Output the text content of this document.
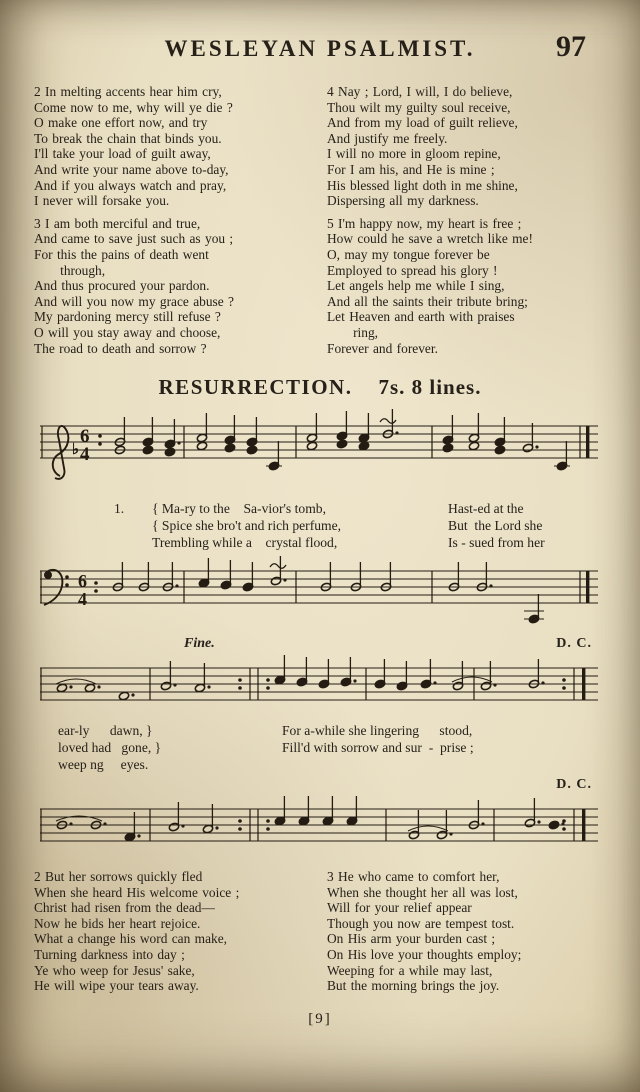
WESLEYAN PSALMIST.	97
2 In melting accents hear him cry,
Come now to me, why will ye die ?
O make one effort now, and try
To break the chain that binds you.
I'll take your load of guilt away,
And write your name above to-day,
And if you always watch and pray,
I never will forsake you.
3 I am both merciful and true,
And came to save just such as you ;
For this the pains of death went
through,
And thus procured your pardon.
And will you now my grace abuse ?
My pardoning mercy still refuse ?
O will you stay away and choose,
The road to death and sorrow ?
4 Nay ; Lord, I will, I do believe,
Thou wilt my guilty soul receive,
And from my load of guilt relieve,
And justify me freely.
I will no more in gloom repine,
For I am his, and He is mine ;
His blessed light doth in me shine,
Dispersing all my darkness.
5 I'm happy now, my heart is free ;
How could he save a wretch like me!
O, may my tongue forever be
Employed to spread his glory !
Let angels help me while I sing,
And all the saints their tribute bring;
Let Heaven and earth with praises
ring,
Forever and forever.
RESURRECTION. 7s. 8 lines.
♭
6
4
1. { Ma-ry to the    Sa-vior's tomb,	Hast-ed at the
{ Spice she bro't and rich perfume,	But  the Lord she
Trembling while a    crystal flood,	Is - sued from her
6
4
Fine.	D. C.
ear-ly      dawn, }	For a-while she lingering      stood,
loved had   gone, }	Fill'd with sorrow and sur  -  prise ;
weep ng     eyes.
D. C.
2 But her sorrows quickly fled
When she heard His welcome voice ;
Christ had risen from the dead—
Now he bids her heart rejoice.
What a change his word can make,
Turning darkness into day ;
Ye who weep for Jesus' sake,
He will wipe your tears away.
3 He who came to comfort her,
When she thought her all was lost,
Will for your relief appear
Though you now are tempest tost.
On His arm your burden cast ;
On His love your thoughts employ;
Weeping for a while may last,
But the morning brings the joy.
[9]
